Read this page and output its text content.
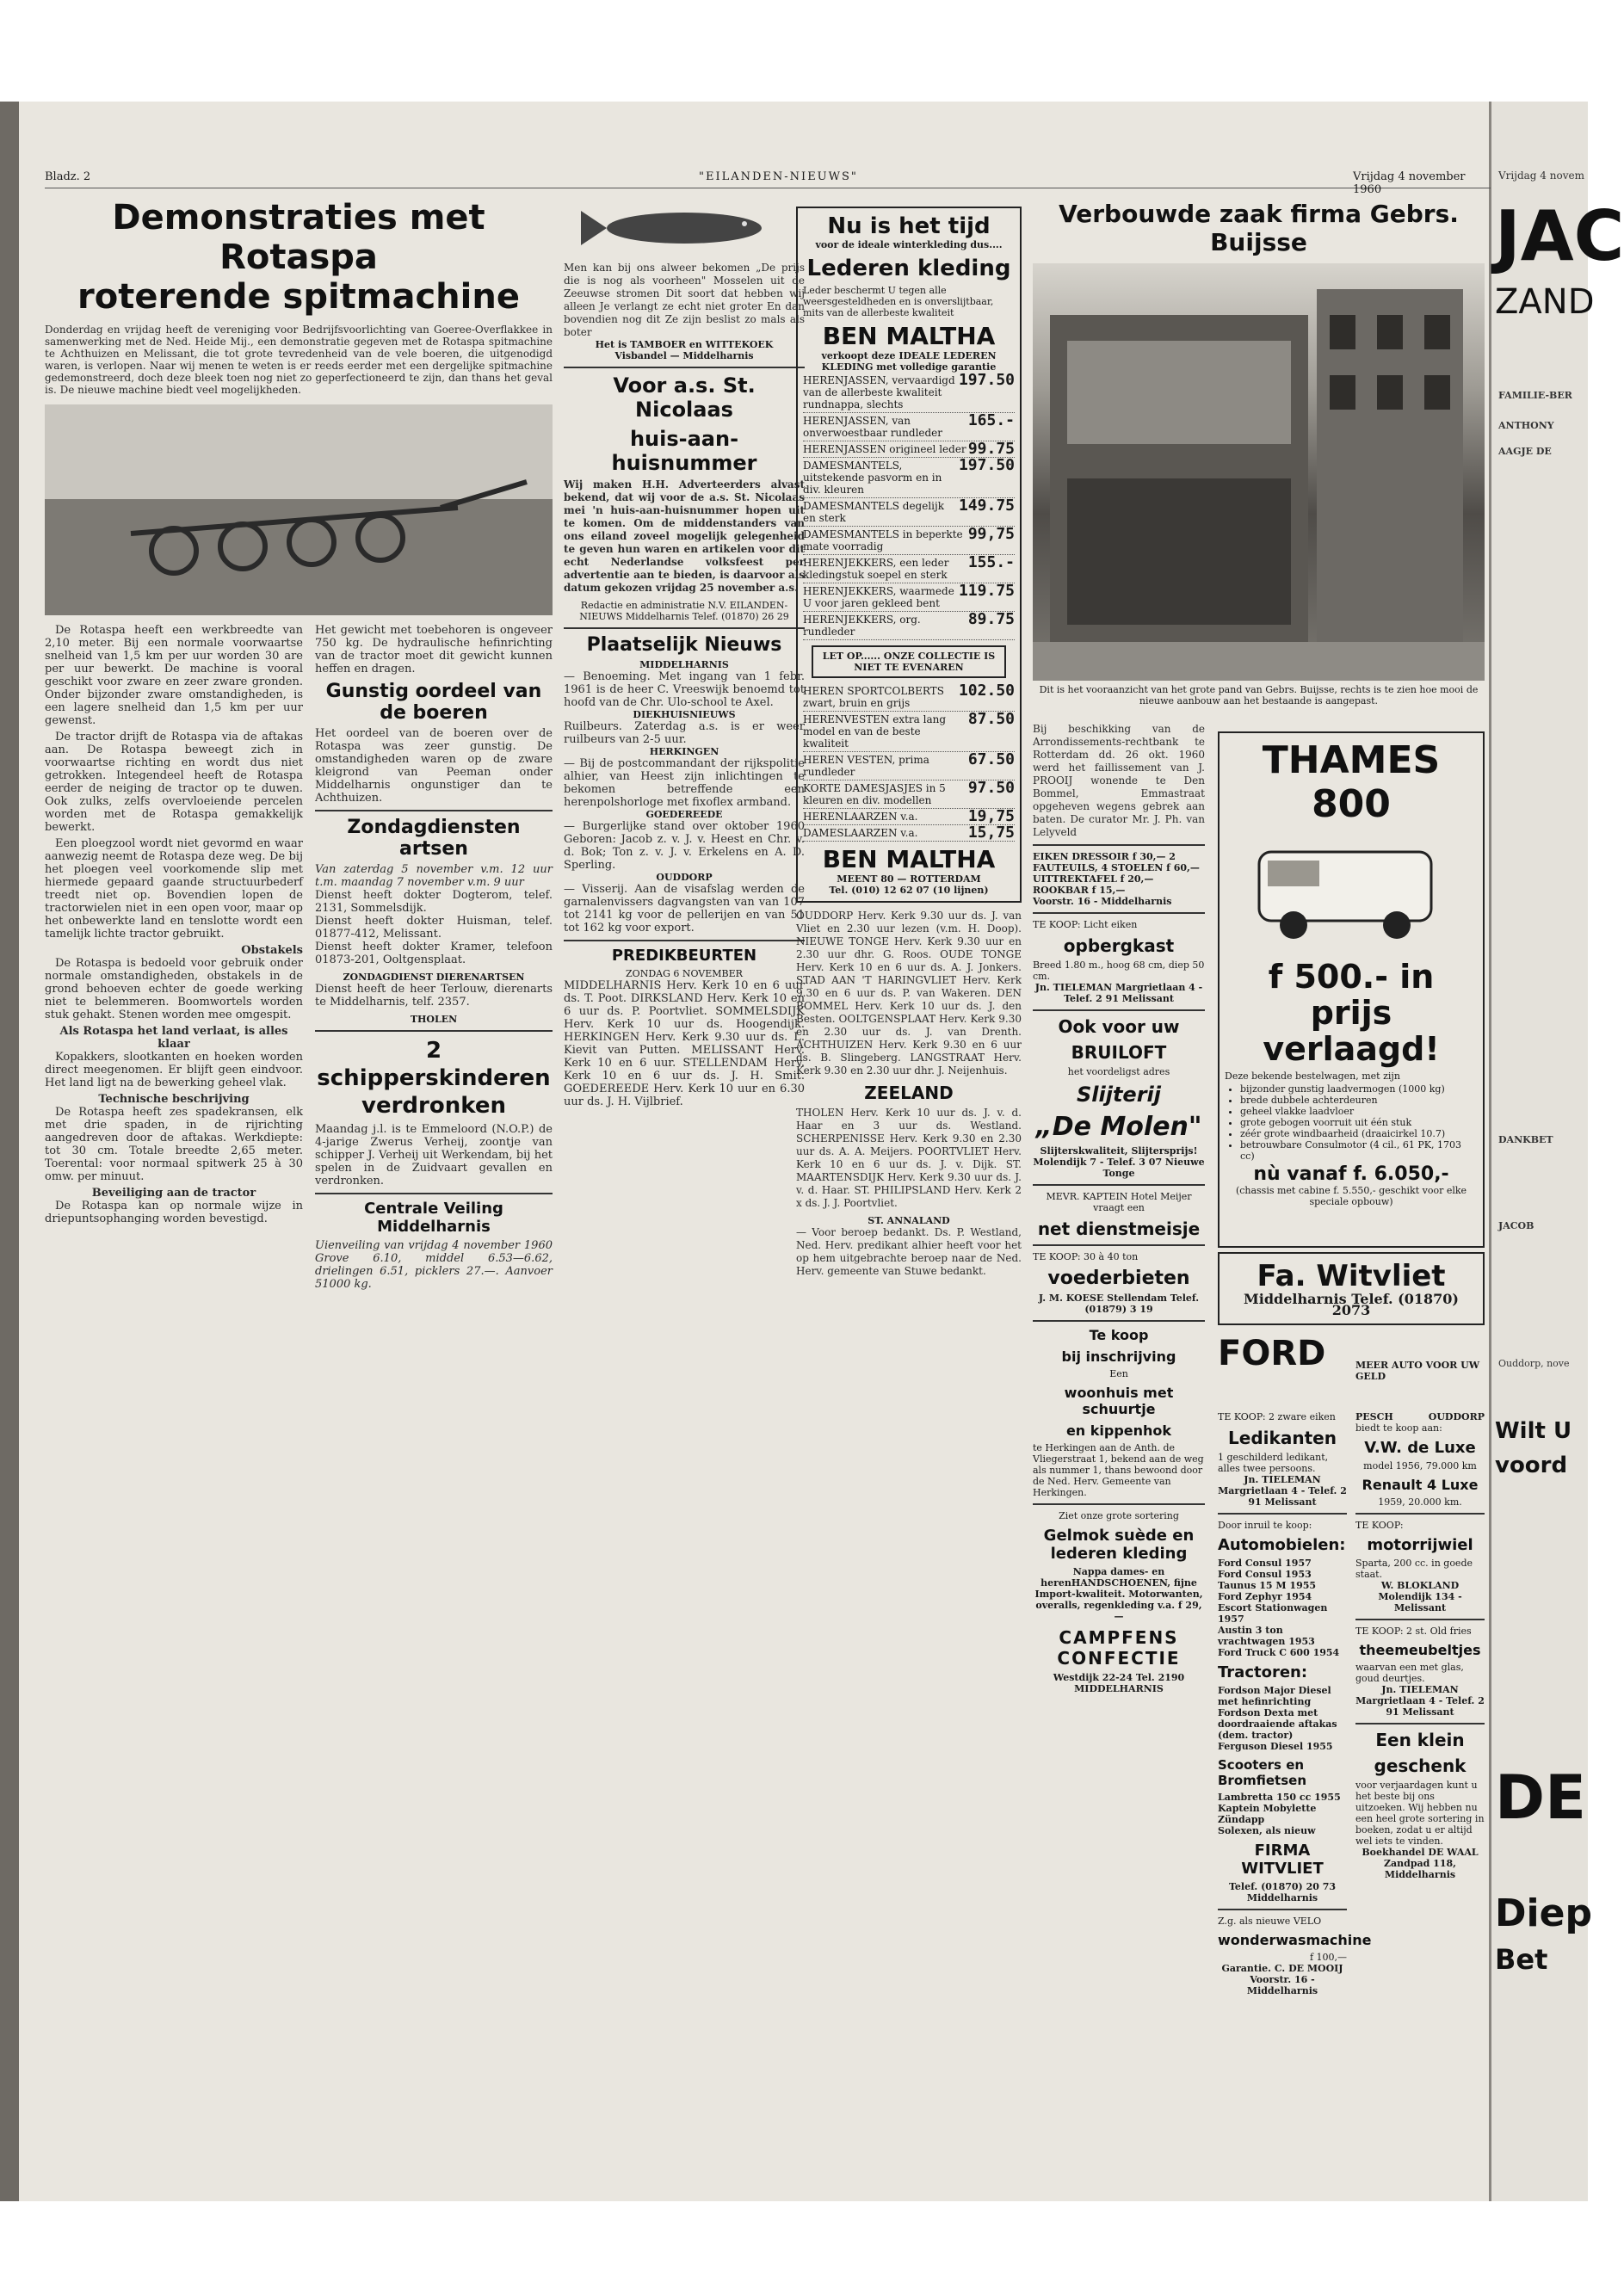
Vrijdag 4 novem
JAC
ZAND
FAMILIE-BER
ANTHONY
AAGJE DE
DANKBET
JACOB
Ouddorp, nove
Wilt U
voord
DE
Diep
Bet
Bladz. 2	"EILANDEN-NIEUWS"	Vrijdag 4 november 1960
Demonstraties met Rotaspa
roterende spitmachine
Donderdag en vrijdag heeft de vereniging voor Bedrijfsvoorlichting van Goeree-Overflakkee in samenwerking met de Ned. Heide Mij., een demonstratie gegeven met de Rotaspa spitmachine te Achthuizen en Melissant, die tot grote tevredenheid van de vele boeren, die uitgenodigd waren, is verlopen. Naar wij menen te weten is er reeds eerder met een dergelijke spitmachine gedemonstreerd, doch deze bleek toen nog niet zo geperfectioneerd te zijn, dan thans het geval is. De nieuwe machine biedt veel mogelijkheden.

De Rotaspa heeft een werkbreedte van 2,10 meter. Bij een normale voorwaartse snelheid van 1,5 km per uur worden 30 are per uur bewerkt. De machine is vooral geschikt voor zware en zeer zware gronden. Onder bijzonder zware omstandigheden, is een lagere snelheid dan 1,5 km per uur gewenst.

De tractor drijft de Rotaspa via de aftakas aan. De Rotaspa beweegt zich in voorwaartse richting en wordt dus niet getrokken. Integendeel heeft de Rotaspa eerder de neiging de tractor op te duwen. Ook zulks, zelfs overvloeiende percelen worden met de Rotaspa gemakkelijk bewerkt.

Een ploegzool wordt niet gevormd en waar aanwezig neemt de Rotaspa deze weg. De bij het ploegen veel voorkomende slip met hiermede gepaard gaande structuurbederf treedt niet op. Bovendien lopen de tractorwielen niet in een open voor, maar op het onbewerkte land en tenslotte wordt een tamelijk lichte tractor gebruikt.

Obstakels

De Rotaspa is bedoeld voor gebruik onder normale omstandigheden, obstakels in de grond behoeven echter de goede werking niet te belemmeren. Boomwortels worden stuk gehakt. Stenen worden mee omgespit.

Als Rotaspa het land verlaat, is alles klaar

Kopakkers, slootkanten en hoeken worden direct meegenomen. Er blijft geen eindvoor. Het land ligt na de bewerking geheel vlak.

Technische beschrijving

De Rotaspa heeft zes spadekransen, elk met drie spaden, in de rijrichting aangedreven door de aftakas. Werkdiepte: tot 30 cm. Totale breedte 2,65 meter. Toerental: voor normaal spitwerk 25 à 30 omw. per minuut.

Beveiliging aan de tractor

De Rotaspa kan op normale wijze in driepuntsophanging worden bevestigd.

Het gewicht met toebehoren is ongeveer 750 kg. De hydraulische hefinrichting van de tractor moet dit gewicht kunnen heffen en dragen.
Gunstig oordeel van de boeren
Het oordeel van de boeren over de Rotaspa was zeer gunstig. De omstandigheden waren op de zware kleigrond van Peeman onder Middelharnis ongunstiger dan te Achthuizen.
Zondagdiensten artsen
Van zaterdag 5 november v.m. 12 uur t.m. maandag 7 november v.m. 9 uur
Dienst heeft dokter Dogterom, telef. 2131, Sommelsdijk.
Dienst heeft dokter Huisman, telef. 01877-412, Melissant.
Dienst heeft dokter Kramer, telefoon 01873-201, Ooltgensplaat.
ZONDAGDIENST DIERENARTSEN
Dienst heeft de heer Terlouw, dierenarts te Middelharnis, telf. 2357.
THOLEN
2 schipperskinderen verdronken
Maandag j.l. is te Emmeloord (N.O.P.) de 4-jarige Zwerus Verheij, zoontje van schipper J. Verheij uit Werkendam, bij het spelen in de Zuidvaart gevallen en verdronken.
Centrale Veiling Middelharnis
Uienveiling van vrijdag 4 november 1960 Grove 6.10, middel 6.53—6.62, drielingen 6.51, picklers 27.—. Aanvoer 51000 kg.
Men kan bij ons alweer bekomen „De prijs die is nog als voorheen" Mosselen uit de Zeeuwse stromen Dit soort dat hebben wij alleen Je verlangt ze echt niet groter En dan bovendien nog dit Ze zijn beslist zo mals als boter
Het is TAMBOER en WITTEKOEK
Visbandel — Middelharnis
Voor a.s. St. Nicolaas
huis-aan-huisnummer
Wij maken H.H. Adverteerders alvast bekend, dat wij voor de a.s. St. Nicolaas mei 'n huis-aan-huisnummer hopen uit te komen. Om de middenstanders van ons eiland zoveel mogelijk gelegenheid te geven hun waren en artikelen voor dit echt Nederlandse volksfeest per advertentie aan te bieden, is daarvoor als datum gekozen vrijdag 25 november a.s.
Redactie en administratie N.V. EILANDEN-NIEUWS Middelharnis Telef. (01870) 26 29
Plaatselijk Nieuws
MIDDELHARNIS
— Benoeming. Met ingang van 1 febr. 1961 is de heer C. Vreeswijk benoemd tot hoofd van de Chr. Ulo-school te Axel.
DIEKHUISNIEUWS
Ruilbeurs. Zaterdag a.s. is er weer ruilbeurs van 2-5 uur.
HERKINGEN
— Bij de postcommandant der rijkspolitie alhier, van Heest zijn inlichtingen te bekomen betreffende een herenpolshorloge met fixoflex armband.
GOEDEREEDE
— Burgerlijke stand over oktober 1960 Geboren: Jacob z. v. J. v. Heest en Chr. v. d. Bok; Ton z. v. J. v. Erkelens en A. D. Sperling.
OUDDORP
— Visserij. Aan de visafslag werden de garnalenvissers dagvangsten van van 107 tot 2141 kg voor de pellerijen en van 51 tot 162 kg voor export.
PREDIKBEURTEN
ZONDAG 6 NOVEMBER
MIDDELHARNIS Herv. Kerk 10 en 6 uur ds. T. Poot. DIRKSLAND Herv. Kerk 10 en 6 uur ds. P. Poortvliet. SOMMELSDIJK Herv. Kerk 10 uur ds. Hoogendijk. HERKINGEN Herv. Kerk 9.30 uur ds. L. Kievit van Putten. MELISSANT Herv. Kerk 10 en 6 uur. STELLENDAM Herv. Kerk 10 en 6 uur ds. J. H. Smit. GOEDEREEDE Herv. Kerk 10 uur en 6.30 uur ds. J. H. Vijlbrief.
Nu is het tijd
voor de ideale winterkleding dus....
Lederen kleding
Leder beschermt U tegen alle weersgesteldheden en is onverslijtbaar, mits van de allerbeste kwaliteit
BEN MALTHA
verkoopt deze IDEALE LEDEREN KLEDING met volledige garantie
HERENJASSEN, vervaardigd van de allerbeste kwaliteit rundnappa, slechts
197.50
HERENJASSEN, van onverwoestbaar rundleder
165.-
HERENJASSEN origineel leder 99.75
DAMESMANTELS, uitstekende pasvorm en in div. kleuren
197.50
DAMESMANTELS degelijk en sterk
149.75
DAMESMANTELS in beperkte mate voorradig
99,75
HERENJEKKERS, een leder kledingstuk soepel en sterk
155.-
HERENJEKKERS, waarmede U voor jaren gekleed bent
119.75
HERENJEKKERS, org. rundleder
89.75
LET OP...... ONZE COLLECTIE IS NIET TE EVENAREN
HEREN SPORTCOLBERTS zwart, bruin en grijs
102.50
HERENVESTEN extra lang model en van de beste kwaliteit
87.50
HEREN VESTEN, prima rundleder
67.50
KORTE DAMESJASJES in 5 kleuren en div. modellen
97.50
HERENLAARZEN v.a.	19,75
DAMESLAARZEN v.a.	15,75
BEN MALTHA
MEENT 80 — ROTTERDAM
Tel. (010) 12 62 07 (10 lijnen)
OUDDORP Herv. Kerk 9.30 uur ds. J. van Vliet en 2.30 uur lezen (v.m. H. Doop). NIEUWE TONGE Herv. Kerk 9.30 uur en 2.30 uur dhr. G. Roos. OUDE TONGE Herv. Kerk 10 en 6 uur ds. A. J. Jonkers. STAD AAN 'T HARINGVLIET Herv. Kerk 9.30 en 6 uur ds. P. van Wakeren. DEN BOMMEL Herv. Kerk 10 uur ds. J. den Besten. OOLTGENSPLAAT Herv. Kerk 9.30 en 2.30 uur ds. J. van Drenth. ACHTHUIZEN Herv. Kerk 9.30 en 6 uur ds. B. Slingeberg. LANGSTRAAT Herv. Kerk 9.30 en 2.30 uur dhr. J. Neijenhuis.
ZEELAND
THOLEN Herv. Kerk 10 uur ds. J. v. d. Haar en 3 uur ds. Westland. SCHERPENISSE Herv. Kerk 9.30 en 2.30 uur ds. A. A. Meijers. POORTVLIET Herv. Kerk 10 en 6 uur ds. J. v. Dijk. ST. MAARTENSDIJK Herv. Kerk 9.30 uur ds. J. v. d. Haar. ST. PHILIPSLAND Herv. Kerk 2 x ds. J. J. Poortvliet.
ST. ANNALAND
— Voor beroep bedankt. Ds. P. Westland, Ned. Herv. predikant alhier heeft voor het op hem uitgebrachte beroep naar de Ned. Herv. gemeente van Stuwe bedankt.
Verbouwde zaak firma Gebrs. Buijsse
Dit is het vooraanzicht van het grote pand van Gebrs. Buijsse, rechts is te zien hoe mooi de nieuwe aanbouw aan het bestaande is aangepast.
Bij beschikking van de Arrondissements-rechtbank te Rotterdam dd. 26 okt. 1960 werd het faillissement van J. PROOIJ wonende te Den Bommel, Emmastraat opgeheven wegens gebrek aan baten. De curator Mr. J. Ph. van Lelyveld
EIKEN DRESSOIR f 30,— 2 FAUTEUILS, 4 STOELEN f 60,— UITTREKTAFEL f 20,— ROOKBAR f 15,—
Voorstr. 16 - Middelharnis
TE KOOP: Licht eiken
opbergkast
Breed 1.80 m., hoog 68 cm, diep 50 cm.
Jn. TIELEMAN Margrietlaan 4 - Telef. 2 91 Melissant
Ook voor uw
BRUILOFT
het voordeligst adres
Slijterij
„De Molen"
Slijterskwaliteit, Slijtersprijs!
Molendijk 7 - Telef. 3 07 Nieuwe Tonge
MEVR. KAPTEIN Hotel Meijer vraagt een
net dienstmeisje
TE KOOP: 30 à 40 ton
voederbieten
J. M. KOESE Stellendam Telef. (01879) 3 19
Te koop
bij inschrijving
Een
woonhuis met schuurtje
en kippenhok
te Herkingen aan de Anth. de Vliegerstraat 1, bekend aan de weg als nummer 1, thans bewoond door de Ned. Herv. Gemeente van Herkingen.
Ziet onze grote sortering
Gelmok suède en lederen kleding
Nappa dames- en herenHANDSCHOENEN, fijne Import-kwaliteit. Motorwanten, overalls, regenkleding v.a. f 29,—
CAMPFENS CONFECTIE
Westdijk 22-24 Tel. 2190 MIDDELHARNIS
THAMES 800
f 500.- in prijs verlaagd!
Deze bekende bestelwagen, met zijn
• bijzonder gunstig laadvermogen (1000 kg)
• brede dubbele achterdeuren
• geheel vlakke laadvloer
• grote gebogen voorruit uit één stuk
• zéér grote windbaarheid (draaicirkel 10.7)
• betrouwbare Consulmotor (4 cil., 61 PK, 1703 cc)
nù vanaf f. 6.050,-
(chassis met cabine f. 5.550,- geschikt voor elke speciale opbouw)
Fa. Witvliet
Middelharnis Telef. (01870) 2073
FORD	MEER AUTO VOOR UW GELD
TE KOOP: 2 zware eiken
Ledikanten
1 geschilderd ledikant, alles twee persoons.
Jn. TIELEMAN Margrietlaan 4 - Telef. 2 91 Melissant
Door inruil te koop:
Automobielen:
Ford Consul 1957
Ford Consul 1953
Taunus 15 M 1955
Ford Zephyr 1954
Escort Stationwagen 1957
Austin 3 ton vrachtwagen 1953
Ford Truck C 600 1954
Tractoren:
Fordson Major Diesel met hefinrichting
Fordson Dexta met doordraaiende aftakas (dem. tractor)
Ferguson Diesel 1955
Scooters en Bromfietsen
Lambretta 150 cc 1955
Kaptein Mobylette Zündapp
Solexen, als nieuw
FIRMA WITVLIET
Telef. (01870) 20 73 Middelharnis
Z.g. als nieuwe VELO
wonderwasmachine
f 100,—
Garantie. C. DE MOOIJ Voorstr. 16 - Middelharnis
PESCH	OUDDORP
biedt te koop aan:
V.W. de Luxe
model 1956, 79.000 km
Renault 4 Luxe
1959, 20.000 km.
TE KOOP:
motorrijwiel
Sparta, 200 cc. in goede staat.
W. BLOKLAND Molendijk 134 - Melissant
TE KOOP: 2 st. Old fries
theemeubeltjes
waarvan een met glas, goud deurtjes.
Jn. TIELEMAN Margrietlaan 4 - Telef. 2 91 Melissant
Een klein
geschenk
voor verjaardagen kunt u het beste bij ons uitzoeken. Wij hebben nu een heel grote sortering in boeken, zodat u er altijd wel iets te vinden.
Boekhandel DE WAAL Zandpad 118, Middelharnis
